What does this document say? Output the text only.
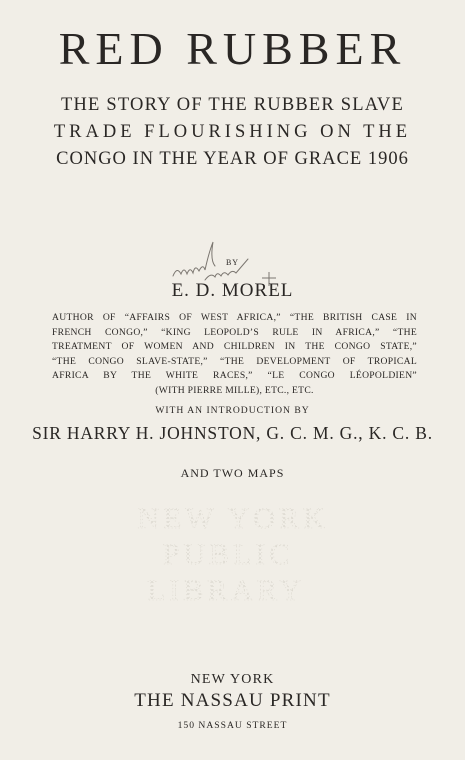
RED RUBBER
THE STORY OF THE RUBBER SLAVE
TRADE FLOURISHING ON THE
CONGO IN THE YEAR OF GRACE 1906
BY
E. D. MOREL
AUTHOR OF “AFFAIRS OF WEST AFRICA,” “THE BRITISH CASE IN
FRENCH CONGO,” “KING LEOPOLD’S RULE IN AFRICA,” “THE
TREATMENT OF WOMEN AND CHILDREN IN THE CONGO STATE,”
“THE CONGO SLAVE-STATE,” “THE DEVELOPMENT OF TROPICAL
AFRICA BY THE WHITE RACES,” “LE CONGO LÉOPOLDIEN”
(WITH PIERRE MILLE), ETC., ETC.
WITH AN INTRODUCTION BY
SIR HARRY H. JOHNSTON, G. C. M. G., K. C. B.
AND TWO MAPS
NEW YORK
PUBLIC
LIBRARY
NEW YORK
THE NASSAU PRINT
150 NASSAU STREET
